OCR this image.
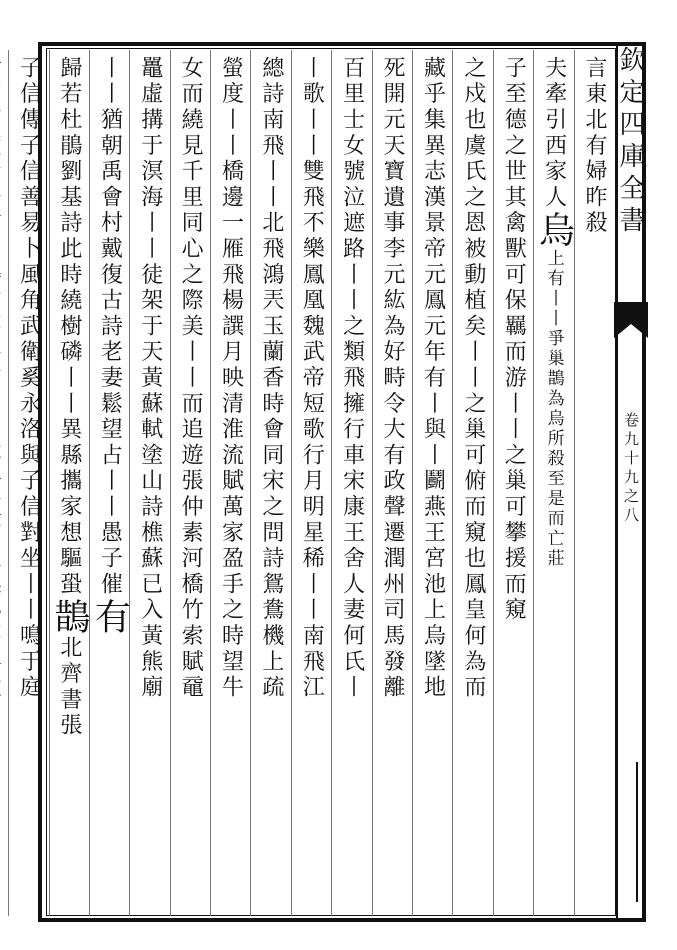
欽定四庫全書
卷九十九之八
言東北有婦昨殺
夫牽引西家人烏上有丨丨爭巢鵲為烏所殺至是而亡莊
子至德之世其禽獸可保羈而游丨丨之巢可攀援而窺
之戍也虞氏之恩被動植矣丨丨之巢可俯而窺也鳳皇何為而
藏乎集異志漢景帝元鳳元年有丨與丨鬬燕王宮池上烏墜地
死開元天寶遺事李元紘為好畤令大有政聲遷潤州司馬發離
百里士女號泣遮路丨丨之類飛擁行車宋康王舍人妻何氏丨
丨歌丨丨雙飛不樂鳳凰魏武帝短歌行月明星稀丨丨南飛江
總詩南飛丨丨北飛鴻兲玉蘭香時會同宋之問詩鴛鴦機上疏
螢度丨丨橋邊一雁飛楊譔月映清淮流賦萬家盈手之時望牛
女而繞見千里同心之際美丨丨而追遊張仲素河橋竹索賦黿
鼉虛搆于溟海丨丨徒架于天黃蘇軾塗山詩樵蘇已入黃熊廟
丨丨猶朝禹會村戴復古詩老妻鬆望占丨丨愚子催有
歸若杜鵑劉基詩此時繞樹磷丨丨異縣攜家想驅蛩鵲北齊書張
子信傳子信善易卜風角武衛奚永洛與子信對坐丨丨鳴于庭
